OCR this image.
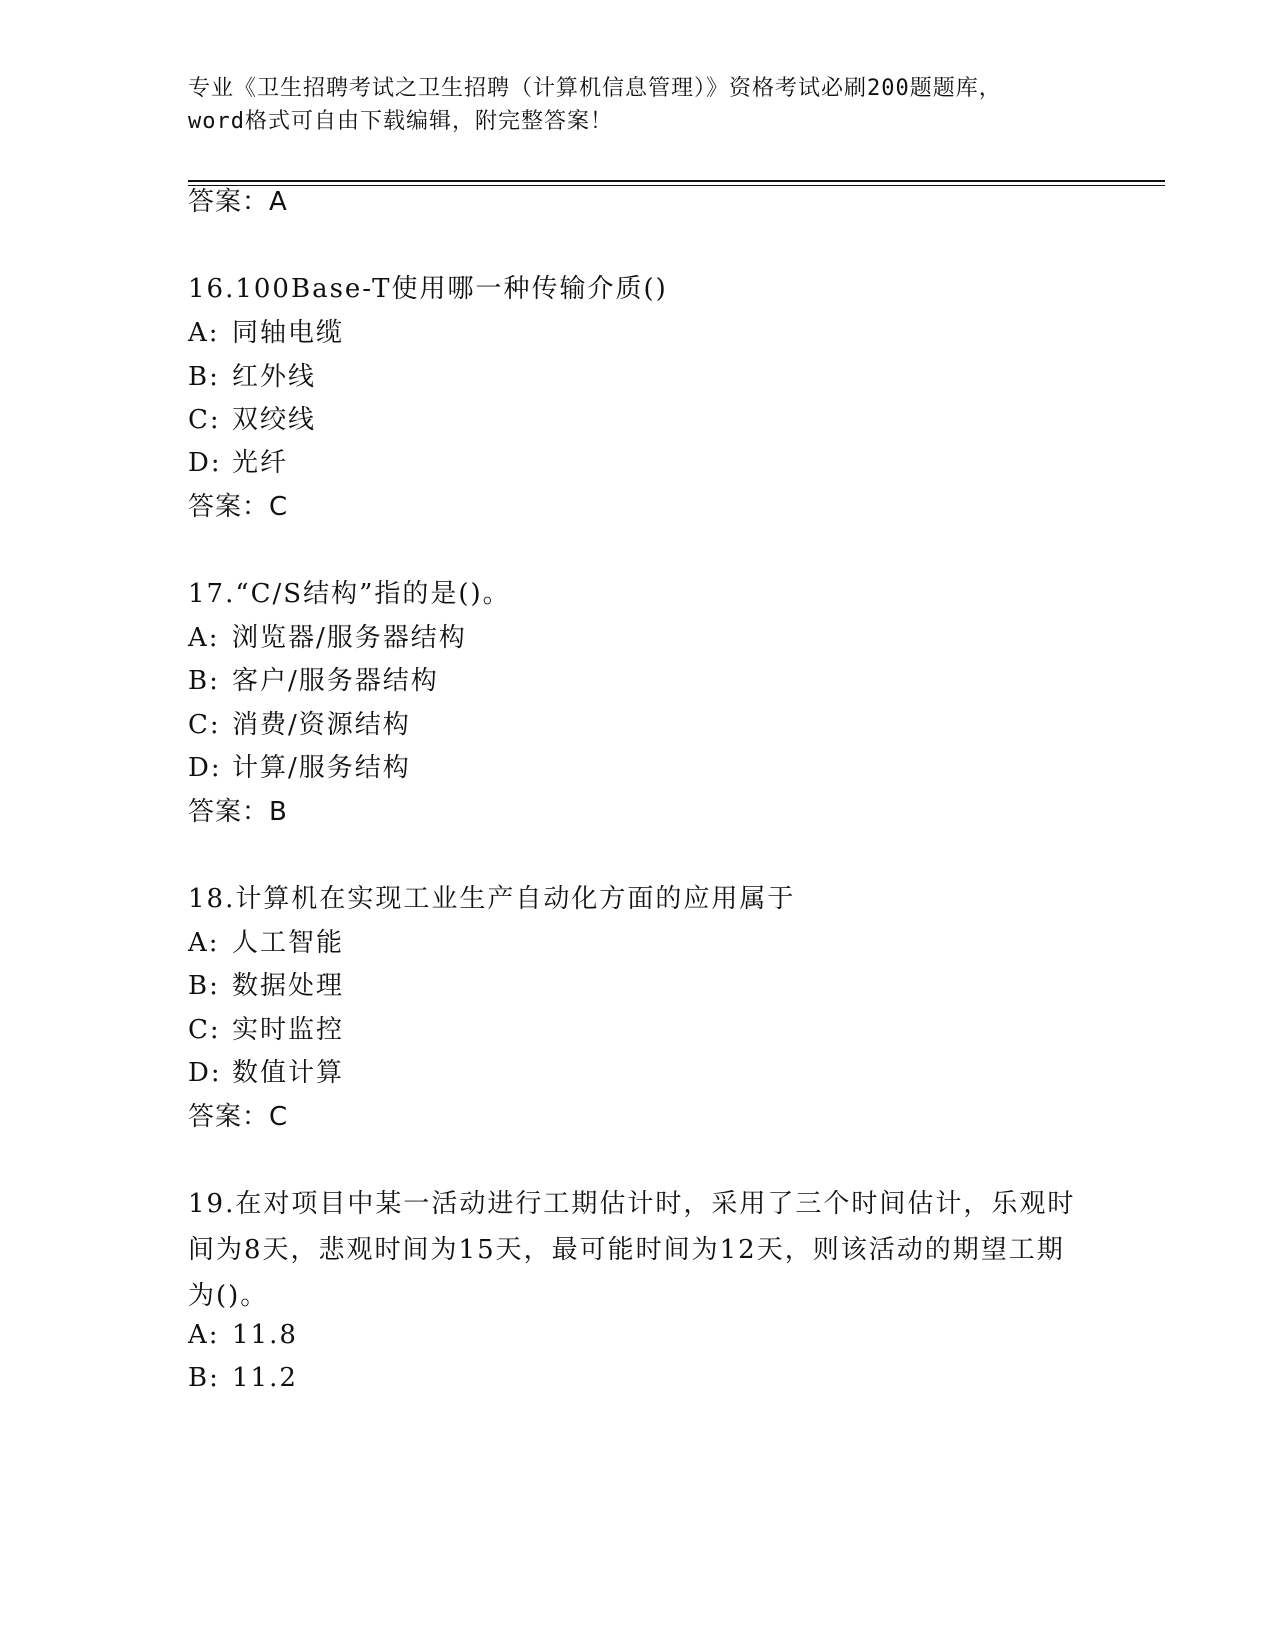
专业《卫生招聘考试之卫生招聘（计算机信息管理）》资格考试必刷200题题库，
word格式可自由下载编辑，附完整答案！
答案：A
16.100Base-T使用哪一种传输介质()
A: 同轴电缆
B: 红外线
C: 双绞线
D: 光纤
答案：C
17.“C/S结构”指的是()。
A: 浏览器/服务器结构
B: 客户/服务器结构
C: 消费/资源结构
D: 计算/服务结构
答案：B
18.计算机在实现工业生产自动化方面的应用属于
A: 人工智能
B: 数据处理
C: 实时监控
D: 数值计算
答案：C
19.在对项目中某一活动进行工期估计时，采用了三个时间估计，乐观时间为8天，悲观时间为15天，最可能时间为12天，则该活动的期望工期为()。
A: 11.8
B: 11.2
